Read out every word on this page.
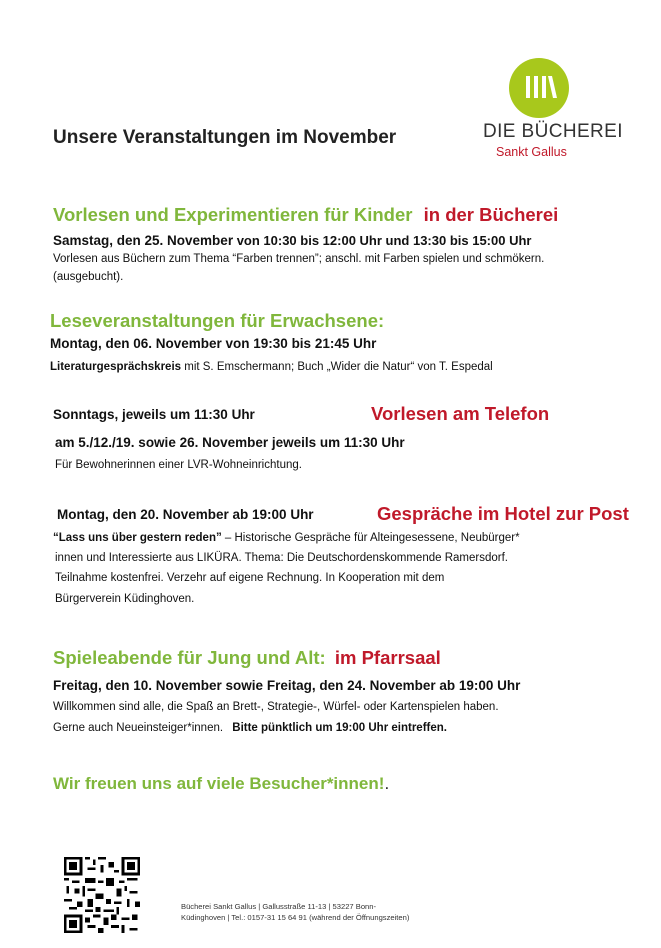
DIE BÜCHEREI
Sankt Gallus
Unsere Veranstaltungen im November
Vorlesen und Experimentieren für Kinder in der Bücherei
Samstag, den 25. November von 10:30 bis 12:00 Uhr und 13:30 bis 15:00 Uhr
Vorlesen aus Büchern zum Thema “Farben trennen”; anschl. mit Farben spielen und schmökern.
(ausgebucht).
Leseveranstaltungen für Erwachsene:
Montag, den 06. November von 19:30 bis 21:45 Uhr
Literaturgesprächskreis mit S. Emschermann; Buch „Wider die Natur“ von T. Espedal
Sonntags, jeweils um 11:30 Uhr	Vorlesen am Telefon
am 5./12./19. sowie 26. November jeweils um 11:30 Uhr
Für Bewohnerinnen einer LVR-Wohneinrichtung.
Montag, den 20. November ab 19:00 Uhr	Gespräche im Hotel zur Post
“Lass uns über gestern reden” – Historische Gespräche für Alteingesessene, Neubürger*
innen und Interessierte aus LIKÜRA. Thema: Die Deutschordenskommende Ramersdorf.
Teilnahme kostenfrei. Verzehr auf eigene Rechnung. In Kooperation mit dem
Bürgerverein Küdinghoven.
Spieleabende für Jung und Alt: im Pfarrsaal
Freitag, den 10. November sowie Freitag, den 24. November ab 19:00 Uhr
Willkommen sind alle, die Spaß an Brett-, Strategie-, Würfel- oder Kartenspielen haben.
Gerne auch Neueinsteiger*innen. Bitte pünktlich um 19:00 Uhr eintreffen.
Wir freuen uns auf viele Besucher*innen!.
Bücherei Sankt Gallus | Gallusstraße 11-13 | 53227 Bonn-
Küdinghoven | Tel.: 0157-31 15 64 91 (während der Öffnungszeiten)
